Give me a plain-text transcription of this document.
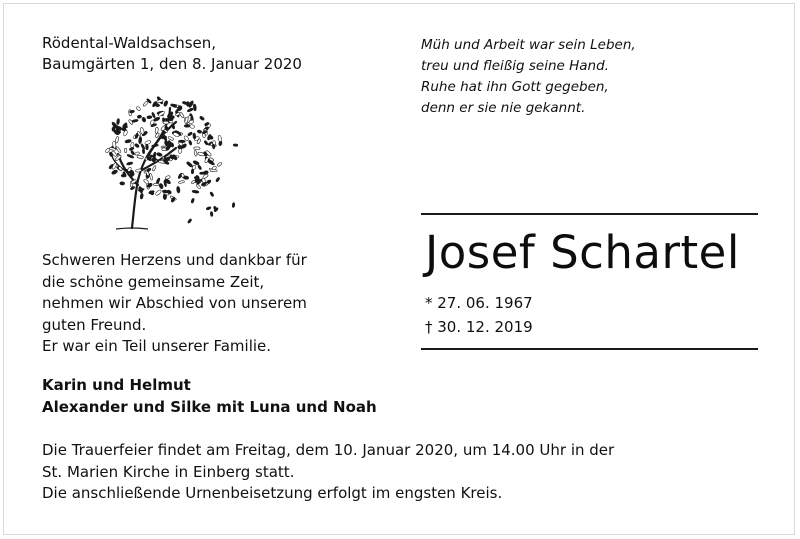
Rödental-Waldsachsen,
Baumgärten 1, den 8. Januar 2020
Müh und Arbeit war sein Leben,
treu und fleißig seine Hand.
Ruhe hat ihn Gott gegeben,
denn er sie nie gekannt.
Josef Schartel
* 27. 06. 1967
† 30. 12. 2019
Schweren Herzens und dankbar für
die schöne gemeinsame Zeit,
nehmen wir Abschied von unserem
guten Freund.
Er war ein Teil unserer Familie.
Karin und Helmut
Alexander und Silke mit Luna und Noah
Die Trauerfeier findet am Freitag, dem 10. Januar 2020, um 14.00 Uhr in der
St. Marien Kirche in Einberg statt.
Die anschließende Urnenbeisetzung erfolgt im engsten Kreis.
